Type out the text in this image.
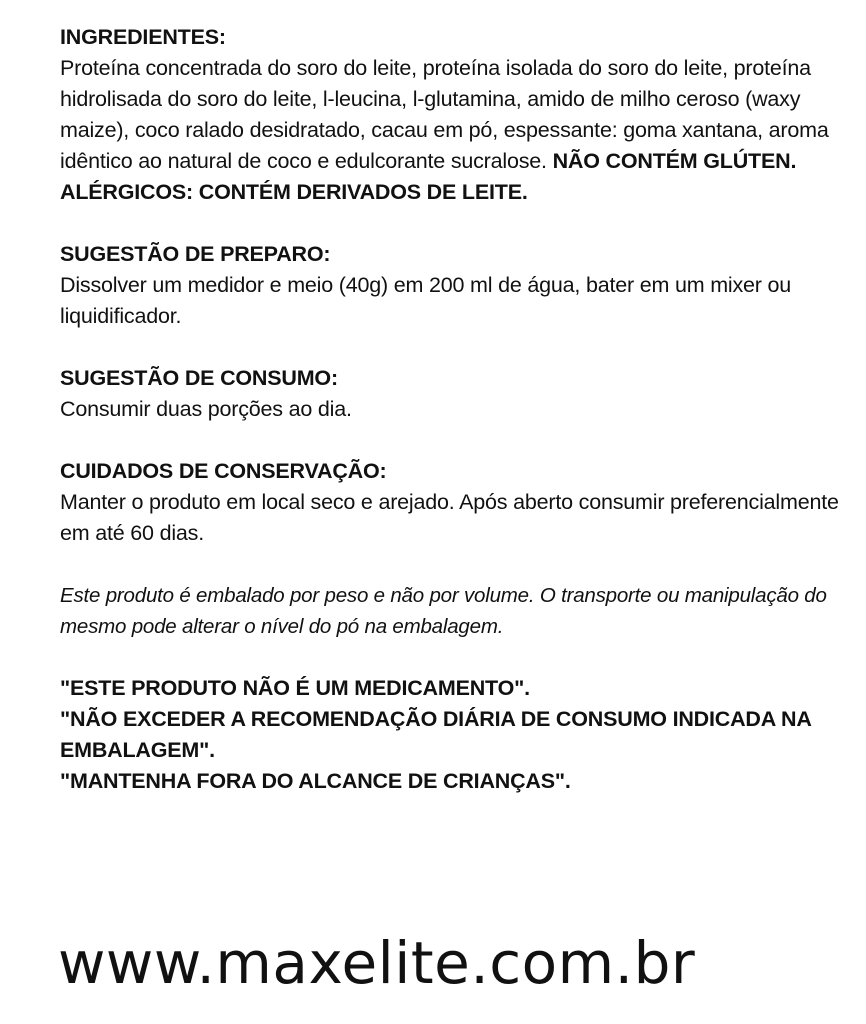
INGREDIENTES:
Proteína concentrada do soro do leite, proteína isolada do soro do leite, proteína hidrolisada do soro do leite, l-leucina, l-glutamina, amido de milho ceroso (waxy maize), coco ralado desidratado, cacau em pó, espessante: goma xantana, aroma idêntico ao natural de coco e edulcorante sucralose. NÃO CONTÉM GLÚTEN.
ALÉRGICOS: CONTÉM DERIVADOS DE LEITE.
SUGESTÃO DE PREPARO:
Dissolver um medidor e meio (40g) em 200 ml de água, bater em um mixer ou liquidificador.
SUGESTÃO DE CONSUMO:
Consumir duas porções ao dia.
CUIDADOS DE CONSERVAÇÃO:
Manter o produto em local seco e arejado. Após aberto consumir preferencialmente em até 60 dias.
Este produto é embalado por peso e não por volume. O transporte ou manipulação do mesmo pode alterar o nível do pó na embalagem.
"ESTE PRODUTO NÃO É UM MEDICAMENTO".
"NÃO EXCEDER A RECOMENDAÇÃO DIÁRIA DE CONSUMO INDICADA NA EMBALAGEM".
"MANTENHA FORA DO ALCANCE DE CRIANÇAS".
www.maxelite.com.br
